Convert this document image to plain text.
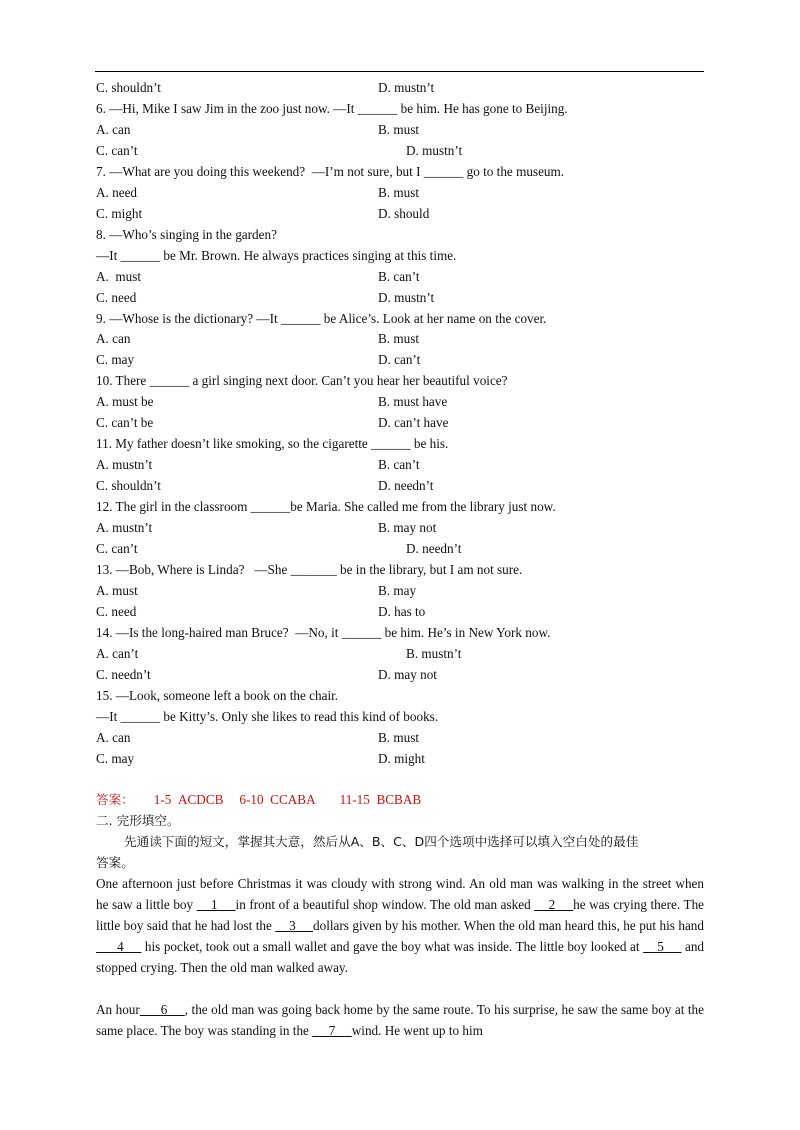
C. shouldn’t	D. mustn’t
6. —Hi, Mike I saw Jim in the zoo just now. —It ______ be him. He has gone to Beijing.
A. can	B. must
C. can’t	D. mustn’t
7. —What are you doing this weekend?  —I’m not sure, but I ______ go to the museum.
A. need	B. must
C. might	D. should
8. —Who’s singing in the garden?
—It ______ be Mr. Brown. He always practices singing at this time.
A.  must	B. can’t
C. need	D. mustn’t
9. —Whose is the dictionary? —It ______ be Alice’s. Look at her name on the cover.
A. can	B. must
C. may	D. can’t
10. There ______ a girl singing next door. Can’t you hear her beautiful voice?
A. must be	B. must have
C. can’t be	D. can’t have
11. My father doesn’t like smoking, so the cigarette ______ be his.
A. mustn’t	B. can’t
C. shouldn’t	D. needn’t
12. The girl in the classroom ______be Maria. She called me from the library just now.
A. mustn’t	B. may not
C. can’t	D. needn’t
13. —Bob, Where is Linda?   —She _______ be in the library, but I am not sure.
A. must	B. may
C. need	D. has to
14. —Is the long-haired man Bruce?  —No, it ______ be him. He’s in New York now.
A. can’t	B. mustn’t
C. needn’t	D. may not
15. —Look, someone left a book on the chair.
—It ______ be Kitty’s. Only she likes to read this kind of books.
A. can	B. must
C. may	D. might
答案： 1-5  ACDCB 6-10  CCABA 11-15  BCBAB
二. 完形填空。
先通读下面的短文，掌握其大意，然后从A、B、C、D四个选项中选择可以填入空白处的最佳
答案。
One afternoon just before Christmas it was cloudy with strong wind. An old man was walking in the street when he saw a little boy     1     in front of a beautiful shop window. The old man asked     2     he was crying there. The little boy said that he had lost the     3     dollars given by his mother. When the old man heard this, he put his hand      4      his pocket, took out a small wallet and gave the boy what was inside. The little boy looked at     5      and stopped crying. Then the old man walked away.
An hour      6     , the old man was going back home by the same route. To his surprise, he saw the same boy at the same place. The boy was standing in the      7     wind. He went up to him
